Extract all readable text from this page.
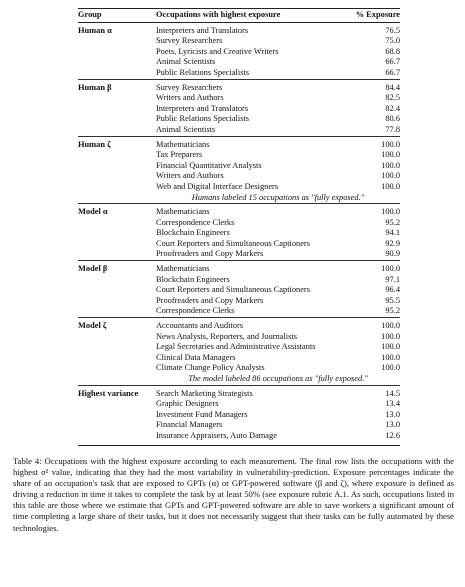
Group	Occupations with highest exposure	% Exposure
Human α	Interpreters and Translators	76.5
	Survey Researchers	75.0
	Poets, Lyricists and Creative Writers	68.8
	Animal Scientists	66.7
	Public Relations Specialists	66.7
Human β	Survey Researchers	84.4
	Writers and Authors	82.5
	Interpreters and Translators	82.4
	Public Relations Specialists	80.6
	Animal Scientists	77.8
Human ζ	Mathematicians	100.0
	Tax Preparers	100.0
	Financial Quantitative Analysts	100.0
	Writers and Authors	100.0
	Web and Digital Interface Designers	100.0
	Humans labeled 15 occupations as "fully exposed."	
Model α	Mathematicians	100.0
	Correspondence Clerks	95.2
	Blockchain Engineers	94.1
	Court Reporters and Simultaneous Captioners	92.9
	Proofreaders and Copy Markers	90.9
Model β	Mathematicians	100.0
	Blockchain Engineers	97.1
	Court Reporters and Simultaneous Captioners	96.4
	Proofreaders and Copy Markers	95.5
	Correspondence Clerks	95.2
Model ζ	Accountants and Auditors	100.0
	News Analysts, Reporters, and Journalists	100.0
	Legal Secretaries and Administrative Assistants	100.0
	Clinical Data Managers	100.0
	Climate Change Policy Analysts	100.0
	The model labeled 86 occupations as "fully exposed."	
Highest variance	Search Marketing Strategists	14.5
	Graphic Designers	13.4
	Investment Fund Managers	13.0
	Financial Managers	13.0
	Insurance Appraisers, Auto Damage	12.6
Table 4: Occupations with the highest exposure according to each measurement. The final row lists the occupations with the highest σ² value, indicating that they had the most variability in vulnerability-prediction. Exposure percentages indicate the share of an occupation's task that are exposed to GPTs (α) or GPT-powered software (β and ζ), where exposure is defined as driving a reduction in time it takes to complete the task by at least 50% (see exposure rubric A.1. As such, occupations listed in this table are those where we estimate that GPTs and GPT-powered software are able to save workers a significant amount of time completing a large share of their tasks, but it does not necessarily suggest that their tasks can be fully automated by these technologies.
